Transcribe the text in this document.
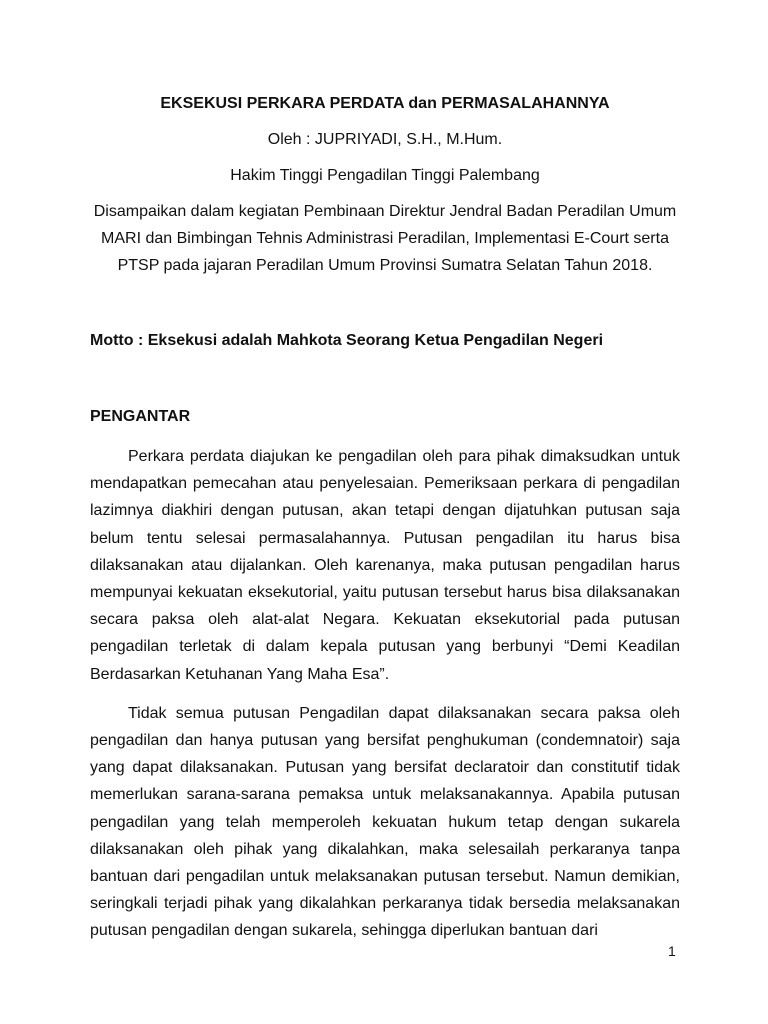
EKSEKUSI PERKARA PERDATA dan PERMASALAHANNYA

Oleh : JUPRIYADI, S.H., M.Hum.

Hakim Tinggi Pengadilan Tinggi Palembang

Disampaikan dalam kegiatan Pembinaan Direktur Jendral Badan Peradilan Umum MARI dan Bimbingan Tehnis Administrasi Peradilan, Implementasi E-Court serta PTSP pada jajaran Peradilan Umum Provinsi Sumatra Selatan Tahun 2018.

Motto : Eksekusi adalah Mahkota Seorang Ketua Pengadilan Negeri

PENGANTAR

Perkara perdata diajukan ke pengadilan oleh para pihak dimaksudkan untuk mendapatkan pemecahan atau penyelesaian. Pemeriksaan perkara di pengadilan lazimnya diakhiri dengan putusan, akan tetapi dengan dijatuhkan putusan saja belum tentu selesai permasalahannya. Putusan pengadilan itu harus bisa dilaksanakan atau dijalankan. Oleh karenanya, maka putusan pengadilan harus mempunyai kekuatan eksekutorial, yaitu putusan tersebut harus bisa dilaksanakan secara paksa oleh alat-alat Negara. Kekuatan eksekutorial pada putusan pengadilan terletak di dalam kepala putusan yang berbunyi “Demi Keadilan Berdasarkan Ketuhanan Yang Maha Esa”.

Tidak semua putusan Pengadilan dapat dilaksanakan secara paksa oleh pengadilan dan hanya putusan yang bersifat penghukuman (condemnatoir) saja yang dapat dilaksanakan. Putusan yang bersifat declaratoir dan constitutif tidak memerlukan sarana-sarana pemaksa untuk melaksanakannya. Apabila putusan pengadilan yang telah memperoleh kekuatan hukum tetap dengan sukarela dilaksanakan oleh pihak yang dikalahkan, maka selesailah perkaranya tanpa bantuan dari pengadilan untuk melaksanakan putusan tersebut. Namun demikian, seringkali terjadi pihak yang dikalahkan perkaranya tidak bersedia melaksanakan putusan pengadilan dengan sukarela, sehingga diperlukan bantuan dari

1
